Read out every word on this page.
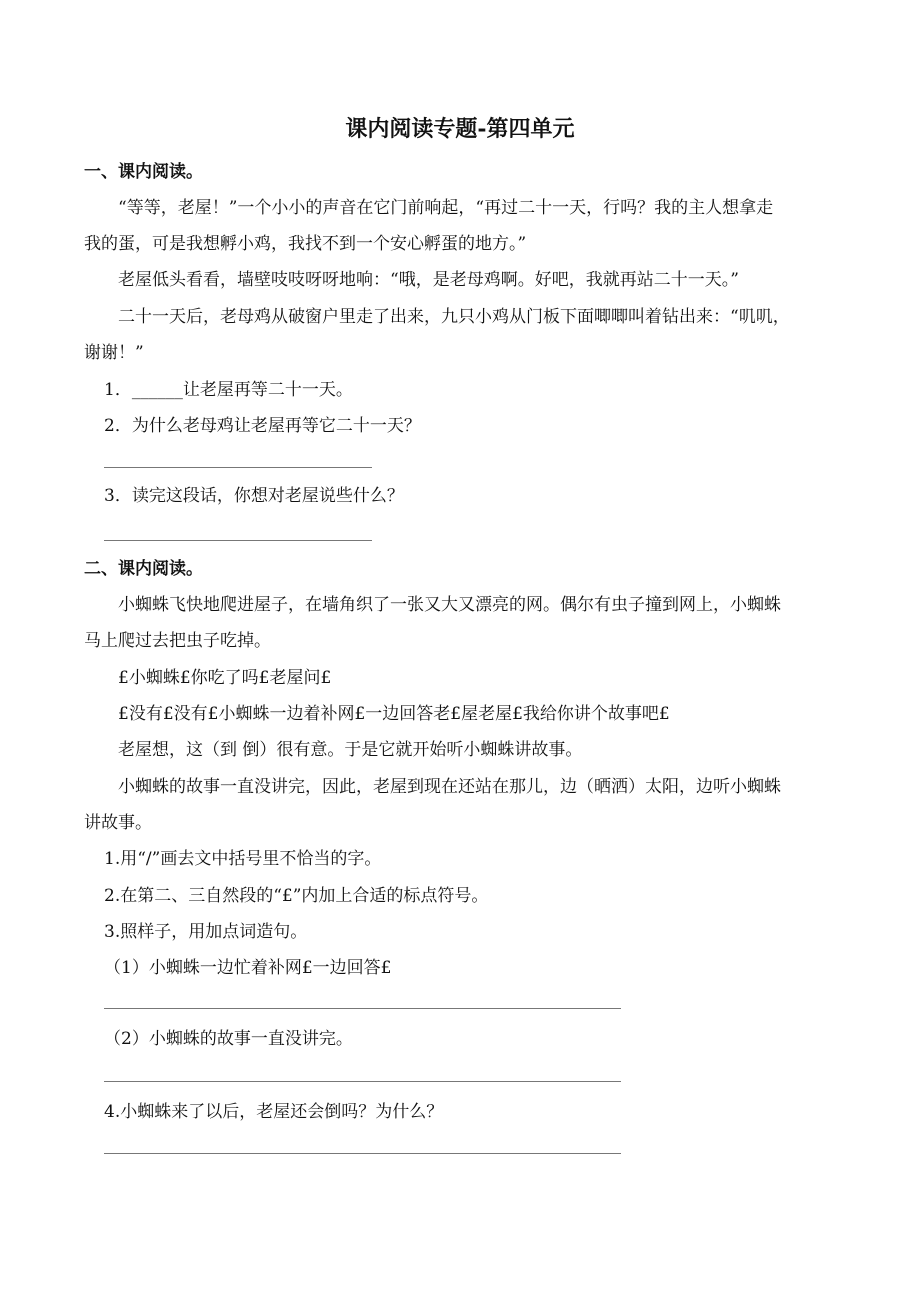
课内阅读专题-第四单元
一、课内阅读。
“等等，老屋！”一个小小的声音在它门前响起，“再过二十一天，行吗？我的主人想拿走
我的蛋，可是我想孵小鸡，我找不到一个安心孵蛋的地方。”
老屋低头看看，墙壁吱吱呀呀地响：“哦，是老母鸡啊。好吧，我就再站二十一天。”
二十一天后，老母鸡从破窗户里走了出来，九只小鸡从门板下面唧唧叫着钻出来：“叽叽，
谢谢！”
1．______让老屋再等二十一天。
2．为什么老母鸡让老屋再等它二十一天？
3．读完这段话，你想对老屋说些什么？
二、课内阅读。
小蜘蛛飞快地爬进屋子，在墙角织了一张又大又漂亮的网。偶尔有虫子撞到网上，小蜘蛛
马上爬过去把虫子吃掉。
£小蜘蛛£你吃了吗£老屋问£
£没有£没有£小蜘蛛一边着补网£一边回答老£屋老屋£我给你讲个故事吧£
老屋想，这（到 倒）很有意。于是它就开始听小蜘蛛讲故事。
小蜘蛛的故事一直没讲完，因此，老屋到现在还站在那儿，边（晒洒）太阳，边听小蜘蛛
讲故事。
1.用“/”画去文中括号里不恰当的字。
2.在第二、三自然段的“£”内加上合适的标点符号。
3.照样子，用加点词造句。
（1）小蜘蛛一边忙着补网£一边回答£
（2）小蜘蛛的故事一直没讲完。
4.小蜘蛛来了以后，老屋还会倒吗？为什么？
